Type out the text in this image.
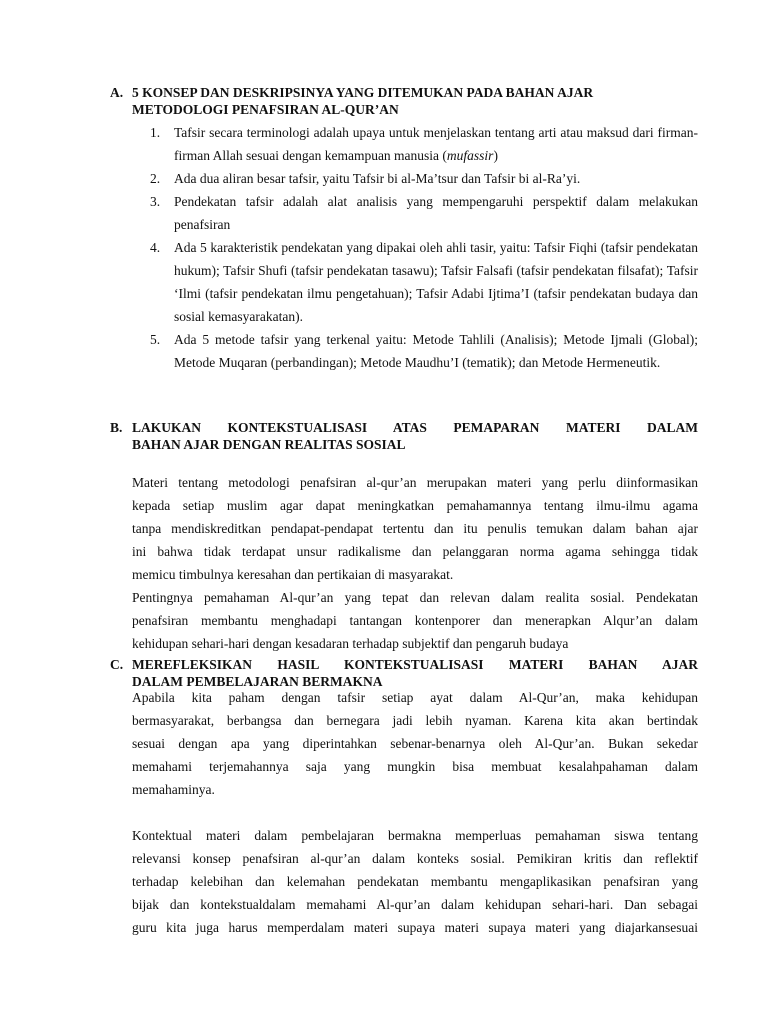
A. 5 KONSEP DAN DESKRIPSINYA YANG DITEMUKAN PADA BAHAN AJAR
METODOLOGI PENAFSIRAN AL-QUR’AN
1. Tafsir secara terminologi adalah upaya untuk menjelaskan tentang arti atau maksud dari firman-firman Allah sesuai dengan kemampuan manusia (mufassir)
2. Ada dua aliran besar tafsir, yaitu Tafsir bi al-Ma’tsur dan Tafsir bi al-Ra’yi.
3. Pendekatan tafsir adalah alat analisis yang mempengaruhi perspektif dalam melakukan penafsiran
4. Ada 5 karakteristik pendekatan yang dipakai oleh ahli tasir, yaitu: Tafsir Fiqhi (tafsir pendekatan hukum); Tafsir Shufi (tafsir pendekatan tasawu); Tafsir Falsafi (tafsir pendekatan filsafat); Tafsir ‘Ilmi (tafsir pendekatan ilmu pengetahuan); Tafsir Adabi Ijtima’I (tafsir pendekatan budaya dan sosial kemasyarakatan).
5. Ada 5 metode tafsir yang terkenal yaitu: Metode Tahlili (Analisis); Metode Ijmali (Global); Metode Muqaran (perbandingan); Metode Maudhu’I (tematik); dan Metode Hermeneutik.
B. LAKUKAN KONTEKSTUALISASI ATAS PEMAPARAN MATERI DALAM
BAHAN AJAR DENGAN REALITAS SOSIAL
Materi tentang metodologi penafsiran al-qur’an merupakan materi yang perlu diinformasikan
kepada setiap muslim agar dapat meningkatkan pemahamannya tentang ilmu-ilmu agama
tanpa mendiskreditkan pendapat-pendapat tertentu dan itu penulis temukan dalam bahan ajar
ini bahwa tidak terdapat unsur radikalisme dan pelanggaran norma agama sehingga tidak
memicu timbulnya keresahan dan pertikaian di masyarakat.
Pentingnya pemahaman Al-qur’an yang tepat dan relevan dalam realita sosial. Pendekatan
penafsiran membantu menghadapi tantangan kontenporer dan menerapkan Alqur’an dalam
kehidupan sehari-hari dengan kesadaran terhadap subjektif dan pengaruh budaya
C. MEREFLEKSIKAN HASIL KONTEKSTUALISASI MATERI BAHAN AJAR
DALAM PEMBELAJARAN BERMAKNA
Apabila kita paham dengan tafsir setiap ayat dalam Al-Qur’an, maka kehidupan
bermasyarakat, berbangsa dan bernegara jadi lebih nyaman. Karena kita akan bertindak
sesuai dengan apa yang diperintahkan sebenar-benarnya oleh Al-Qur’an. Bukan sekedar
memahami terjemahannya saja yang mungkin bisa membuat kesalahpahaman dalam
memahaminya.
Kontektual materi dalam pembelajaran bermakna memperluas pemahaman siswa tentang
relevansi konsep penafsiran al-qur’an dalam konteks sosial. Pemikiran kritis dan reflektif
terhadap kelebihan dan kelemahan pendekatan membantu mengaplikasikan penafsiran yang
bijak dan kontekstualdalam memahami Al-qur’an dalam kehidupan sehari-hari. Dan sebagai
guru kita juga harus memperdalam materi supaya materi supaya materi yang diajarkansesuai
